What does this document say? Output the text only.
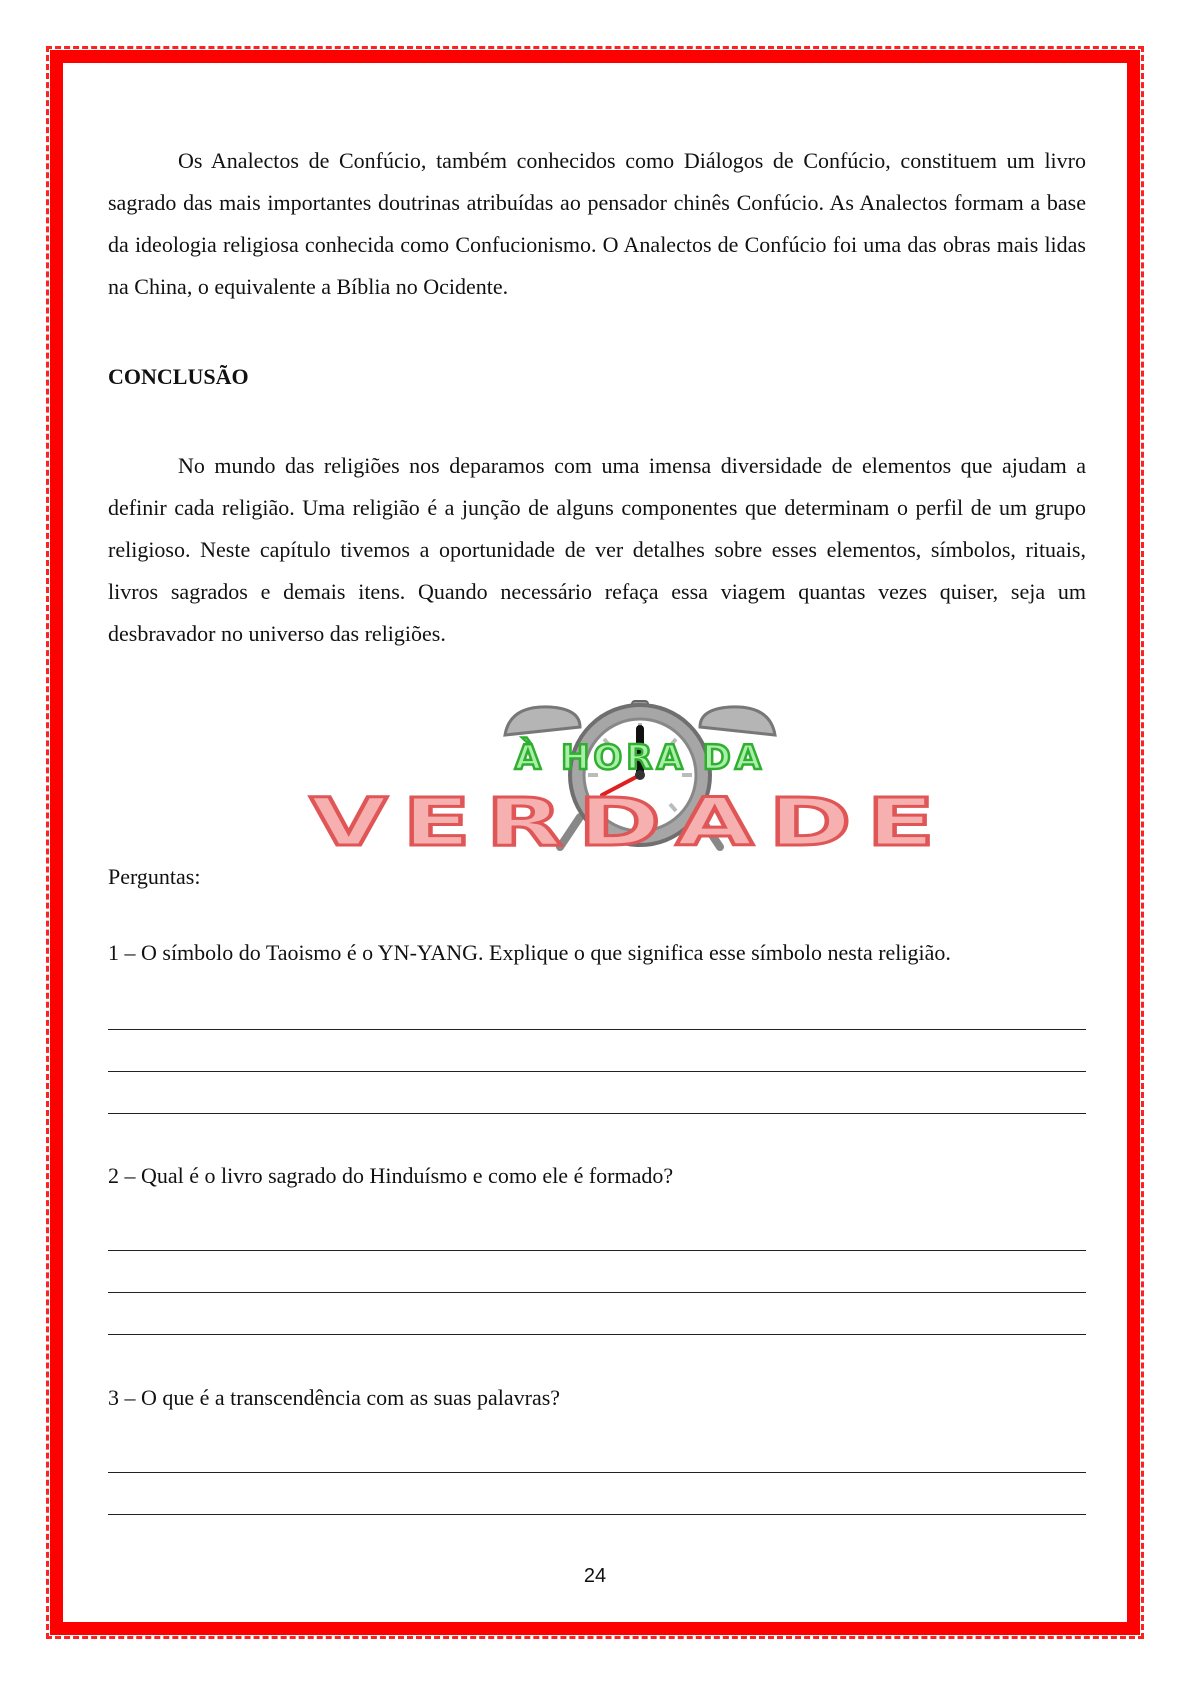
Os Analectos de Confúcio, também conhecidos como Diálogos de Confúcio, constituem um livro sagrado das mais importantes doutrinas atribuídas ao pensador chinês Confúcio. As Analectos formam a base da ideologia religiosa conhecida como Confucionismo. O Analectos de Confúcio foi uma das obras mais lidas na China, o equivalente a Bíblia no Ocidente.

CONCLUSÃO

No mundo das religiões nos deparamos com uma imensa diversidade de elementos que ajudam a definir cada religião. Uma religião é a junção de alguns componentes que determinam o perfil de um grupo religioso. Neste capítulo tivemos a oportunidade de ver detalhes sobre esses elementos, símbolos, rituais, livros sagrados e demais itens. Quando necessário refaça essa viagem quantas vezes quiser, seja um desbravador no universo das religiões.

À HORA DA
VERDADE

Perguntas:

1 – O símbolo do Taoismo é o YN-YANG. Explique o que significa esse símbolo nesta religião.

2 – Qual é o livro sagrado do Hinduísmo e como ele é formado?

3 – O que é a transcendência com as suas palavras?

24
